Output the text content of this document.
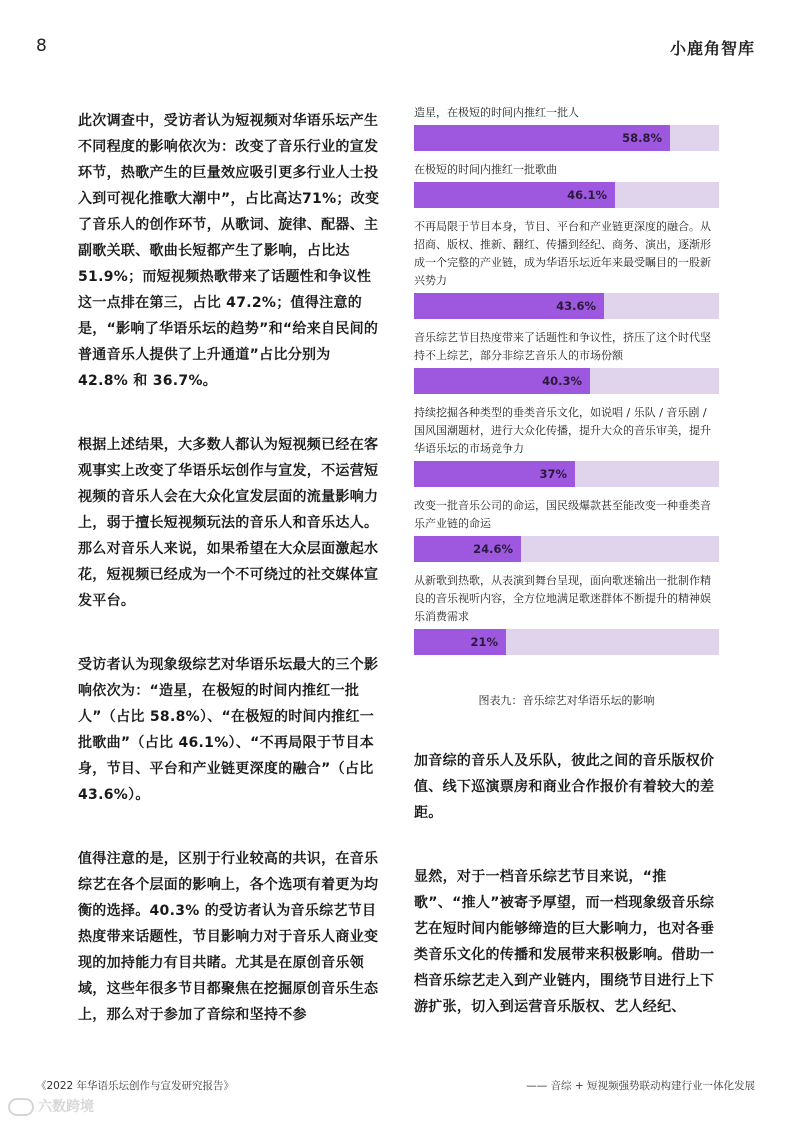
8	小鹿角智库

此次调查中，受访者认为短视频对华语乐坛产生不同程度的影响依次为：改变了音乐行业的宣发环节，热歌产生的巨量效应吸引更多行业人士投入到可视化推歌大潮中”，占比高达71%；改变了音乐人的创作环节，从歌词、旋律、配器、主副歌关联、歌曲长短都产生了影响，占比达 51.9%；而短视频热歌带来了话题性和争议性这一点排在第三，占比 47.2%；值得注意的是，“影响了华语乐坛的趋势”和“给来自民间的普通音乐人提供了上升通道”占比分别为 42.8% 和 36.7%。

根据上述结果，大多数人都认为短视频已经在客观事实上改变了华语乐坛创作与宣发，不运营短视频的音乐人会在大众化宣发层面的流量影响力上，弱于擅长短视频玩法的音乐人和音乐达人。那么对音乐人来说，如果希望在大众层面激起水花，短视频已经成为一个不可绕过的社交媒体宣发平台。

受访者认为现象级综艺对华语乐坛最大的三个影响依次为：“造星，在极短的时间内推红一批人”（占比 58.8%）、“在极短的时间内推红一批歌曲”（占比 46.1%）、“不再局限于节目本身，节目、平台和产业链更深度的融合”（占比 43.6%）。

值得注意的是，区别于行业较高的共识，在音乐综艺在各个层面的影响上，各个选项有着更为均衡的选择。40.3% 的受访者认为音乐综艺节目热度带来话题性，节目影响力对于音乐人商业变现的加持能力有目共睹。尤其是在原创音乐领域，这些年很多节目都聚焦在挖掘原创音乐生态上，那么对于参加了音综和坚持不参

造星，在极短的时间内推红一批人
58.8%
在极短的时间内推红一批歌曲
46.1%
不再局限于节目本身，节目、平台和产业链更深度的融合。从招商、版权、推新、翻红、传播到经纪、商务、演出，逐渐形成一个完整的产业链，成为华语乐坛近年来最受瞩目的一股新兴势力
43.6%
音乐综艺节目热度带来了话题性和争议性，挤压了这个时代坚持不上综艺，部分非综艺音乐人的市场份额
40.3%
持续挖掘各种类型的垂类音乐文化，如说唱 / 乐队 / 音乐剧 / 国风国潮题材，进行大众化传播，提升大众的音乐审美，提升华语乐坛的市场竞争力
37%
改变一批音乐公司的命运，国民级爆款甚至能改变一种垂类音乐产业链的命运
24.6%
从新歌到热歌，从表演到舞台呈现，面向歌迷输出一批制作精良的音乐视听内容，全方位地满足歌迷群体不断提升的精神娱乐消费需求
21%
图表九：音乐综艺对华语乐坛的影响

加音综的音乐人及乐队，彼此之间的音乐版权价值、线下巡演票房和商业合作报价有着较大的差距。

显然，对于一档音乐综艺节目来说，“推歌”、“推人”被寄予厚望，而一档现象级音乐综艺在短时间内能够缔造的巨大影响力，也对各垂类音乐文化的传播和发展带来积极影响。借助一档音乐综艺走入到产业链内，围绕节目进行上下游扩张，切入到运营音乐版权、艺人经纪、

《2022 年华语乐坛创作与宣发研究报告》	—— 音综 + 短视频强势联动构建行业一体化发展
六数跨境
